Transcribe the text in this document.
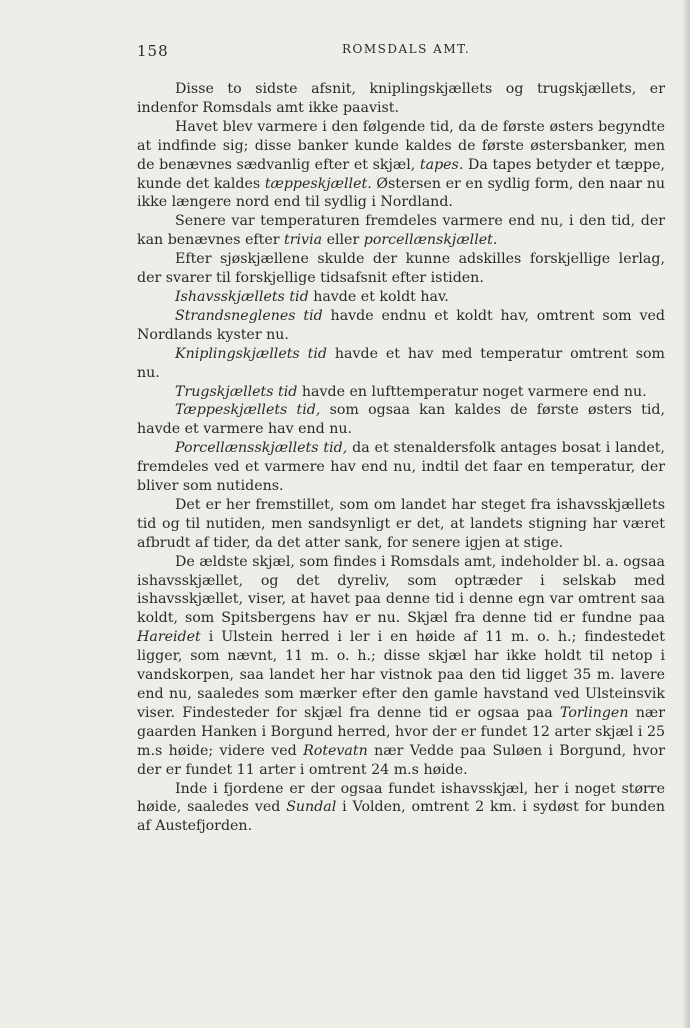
158	ROMSDALS AMT.

Disse to sidste afsnit, kniplingskjællets og trugskjællets, er indenfor Romsdals amt ikke paavist.

Havet blev varmere i den følgende tid, da de første østers begyndte at indfinde sig; disse banker kunde kaldes de første østersbanker, men de benævnes sædvanlig efter et skjæl, tapes. Da tapes betyder et tæppe, kunde det kaldes tæppeskjællet. Østersen er en sydlig form, den naar nu ikke længere nord end til sydlig i Nordland.

Senere var temperaturen fremdeles varmere end nu, i den tid, der kan benævnes efter trivia eller porcellænskjællet.

Efter sjøskjællene skulde der kunne adskilles forskjellige lerlag, der svarer til forskjellige tidsafsnit efter istiden.

Ishavsskjællets tid havde et koldt hav.

Strandsneglenes tid havde endnu et koldt hav, omtrent som ved Nordlands kyster nu.

Kniplingskjællets tid havde et hav med temperatur omtrent som nu.

Trugskjællets tid havde en lufttemperatur noget varmere end nu.

Tæppeskjællets tid, som ogsaa kan kaldes de første østers tid, havde et varmere hav end nu.

Porcellænsskjællets tid, da et stenaldersfolk antages bosat i landet, fremdeles ved et varmere hav end nu, indtil det faar en temperatur, der bliver som nutidens.

Det er her fremstillet, som om landet har steget fra ishavsskjællets tid og til nutiden, men sandsynligt er det, at landets stigning har været afbrudt af tider, da det atter sank, for senere igjen at stige.

De ældste skjæl, som findes i Romsdals amt, indeholder bl. a. ogsaa ishavsskjællet, og det dyreliv, som optræder i selskab med ishavsskjællet, viser, at havet paa denne tid i denne egn var omtrent saa koldt, som Spitsbergens hav er nu. Skjæl fra denne tid er fundne paa Hareidet i Ulstein herred i ler i en høide af 11 m. o. h.; findestedet ligger, som nævnt, 11 m. o. h.; disse skjæl har ikke holdt til netop i vandskorpen, saa landet her har vistnok paa den tid ligget 35 m. lavere end nu, saaledes som mærker efter den gamle havstand ved Ulsteinsvik viser. Findesteder for skjæl fra denne tid er ogsaa paa Torlingen nær gaarden Hanken i Borgund herred, hvor der er fundet 12 arter skjæl i 25 m.s høide; videre ved Rotevatn nær Vedde paa Suløen i Borgund, hvor der er fundet 11 arter i omtrent 24 m.s høide.

Inde i fjordene er der ogsaa fundet ishavsskjæl, her i noget større høide, saaledes ved Sundal i Volden, omtrent 2 km. i sydøst for bunden af Austefjorden.
